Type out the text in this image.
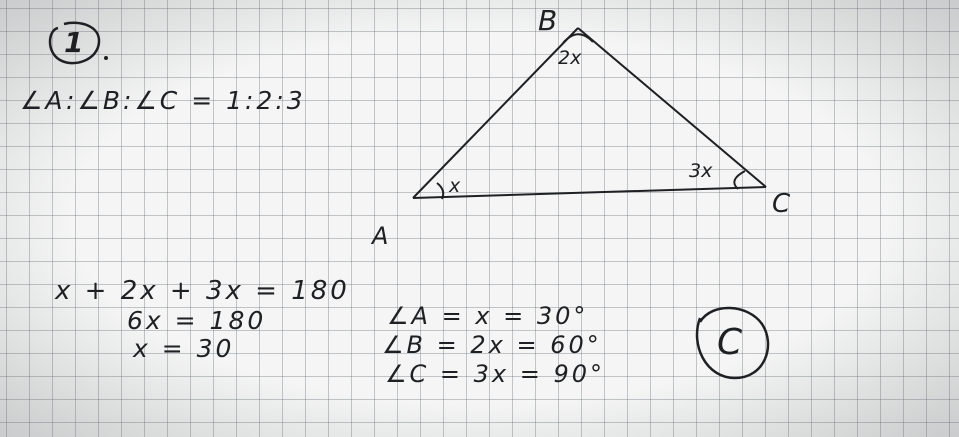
1
∠A:∠B:∠C = 1:2:3
B
A
C
2x
x
3x
x + 2x + 3x = 180
6x = 180
x = 30
∠A = x = 30°
∠B = 2x = 60°
∠C = 3x = 90°
C
